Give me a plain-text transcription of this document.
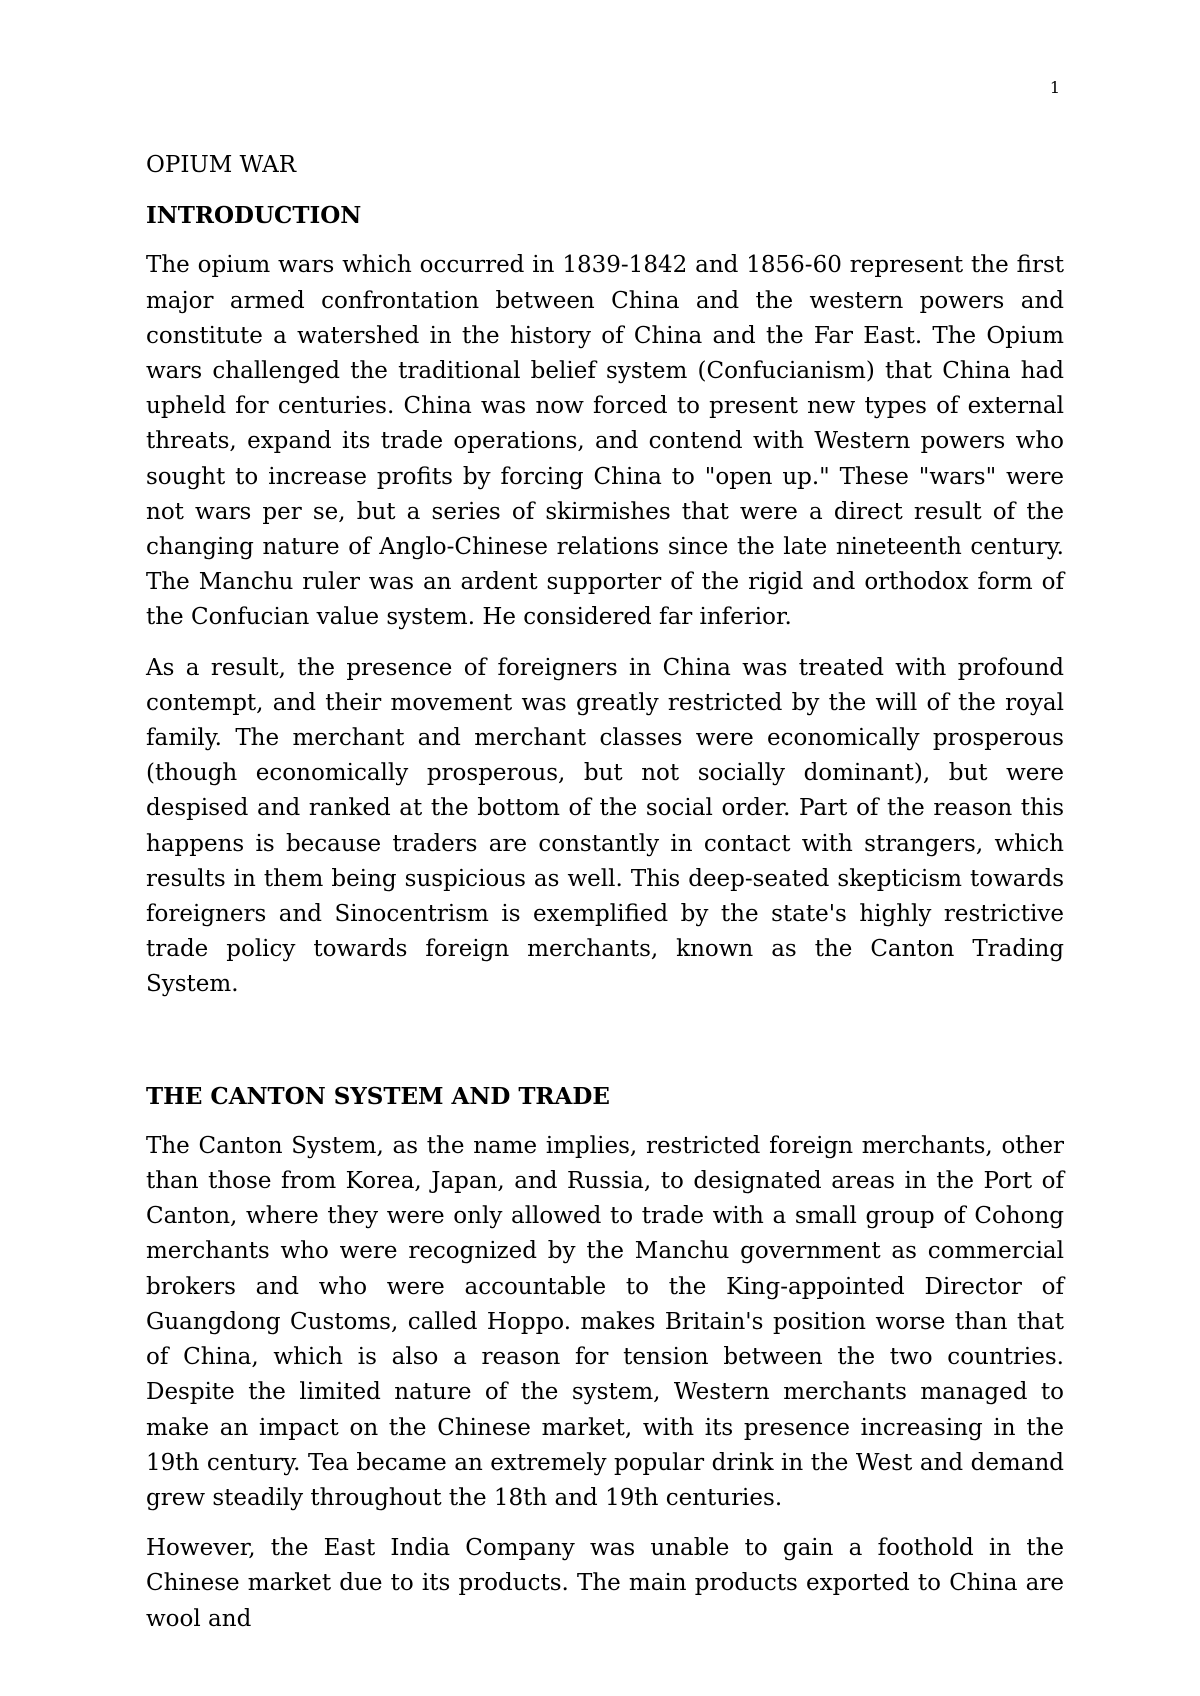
1
OPIUM WAR
INTRODUCTION

The opium wars which occurred in 1839-1842 and 1856-60 represent the first major armed confrontation between China and the western powers and constitute a watershed in the history of China and the Far East. The Opium wars challenged the traditional belief system (Confucianism) that China had upheld for centuries. China was now forced to present new types of external threats, expand its trade operations, and contend with Western powers who sought to increase profits by forcing China to "open up." These "wars" were not wars per se, but a series of skirmishes that were a direct result of the changing nature of Anglo-Chinese relations since the late nineteenth century. The Manchu ruler was an ardent supporter of the rigid and orthodox form of the Confucian value system. He considered far inferior.

As a result, the presence of foreigners in China was treated with profound contempt, and their movement was greatly restricted by the will of the royal family. The merchant and merchant classes were economically prosperous (though economically prosperous, but not socially dominant), but were despised and ranked at the bottom of the social order. Part of the reason this happens is because traders are constantly in contact with strangers, which results in them being suspicious as well. This deep-seated skepticism towards foreigners and Sinocentrism is exemplified by the state's highly restrictive trade policy towards foreign merchants, known as the Canton Trading System.

THE CANTON SYSTEM AND TRADE

The Canton System, as the name implies, restricted foreign merchants, other than those from Korea, Japan, and Russia, to designated areas in the Port of Canton, where they were only allowed to trade with a small group of Cohong merchants who were recognized by the Manchu government as commercial brokers and who were accountable to the King-appointed Director of Guangdong Customs, called Hoppo. makes Britain's position worse than that of China, which is also a reason for tension between the two countries. Despite the limited nature of the system, Western merchants managed to make an impact on the Chinese market, with its presence increasing in the 19th century. Tea became an extremely popular drink in the West and demand grew steadily throughout the 18th and 19th centuries.

However, the East India Company was unable to gain a foothold in the Chinese market due to its products. The main products exported to China are wool and
